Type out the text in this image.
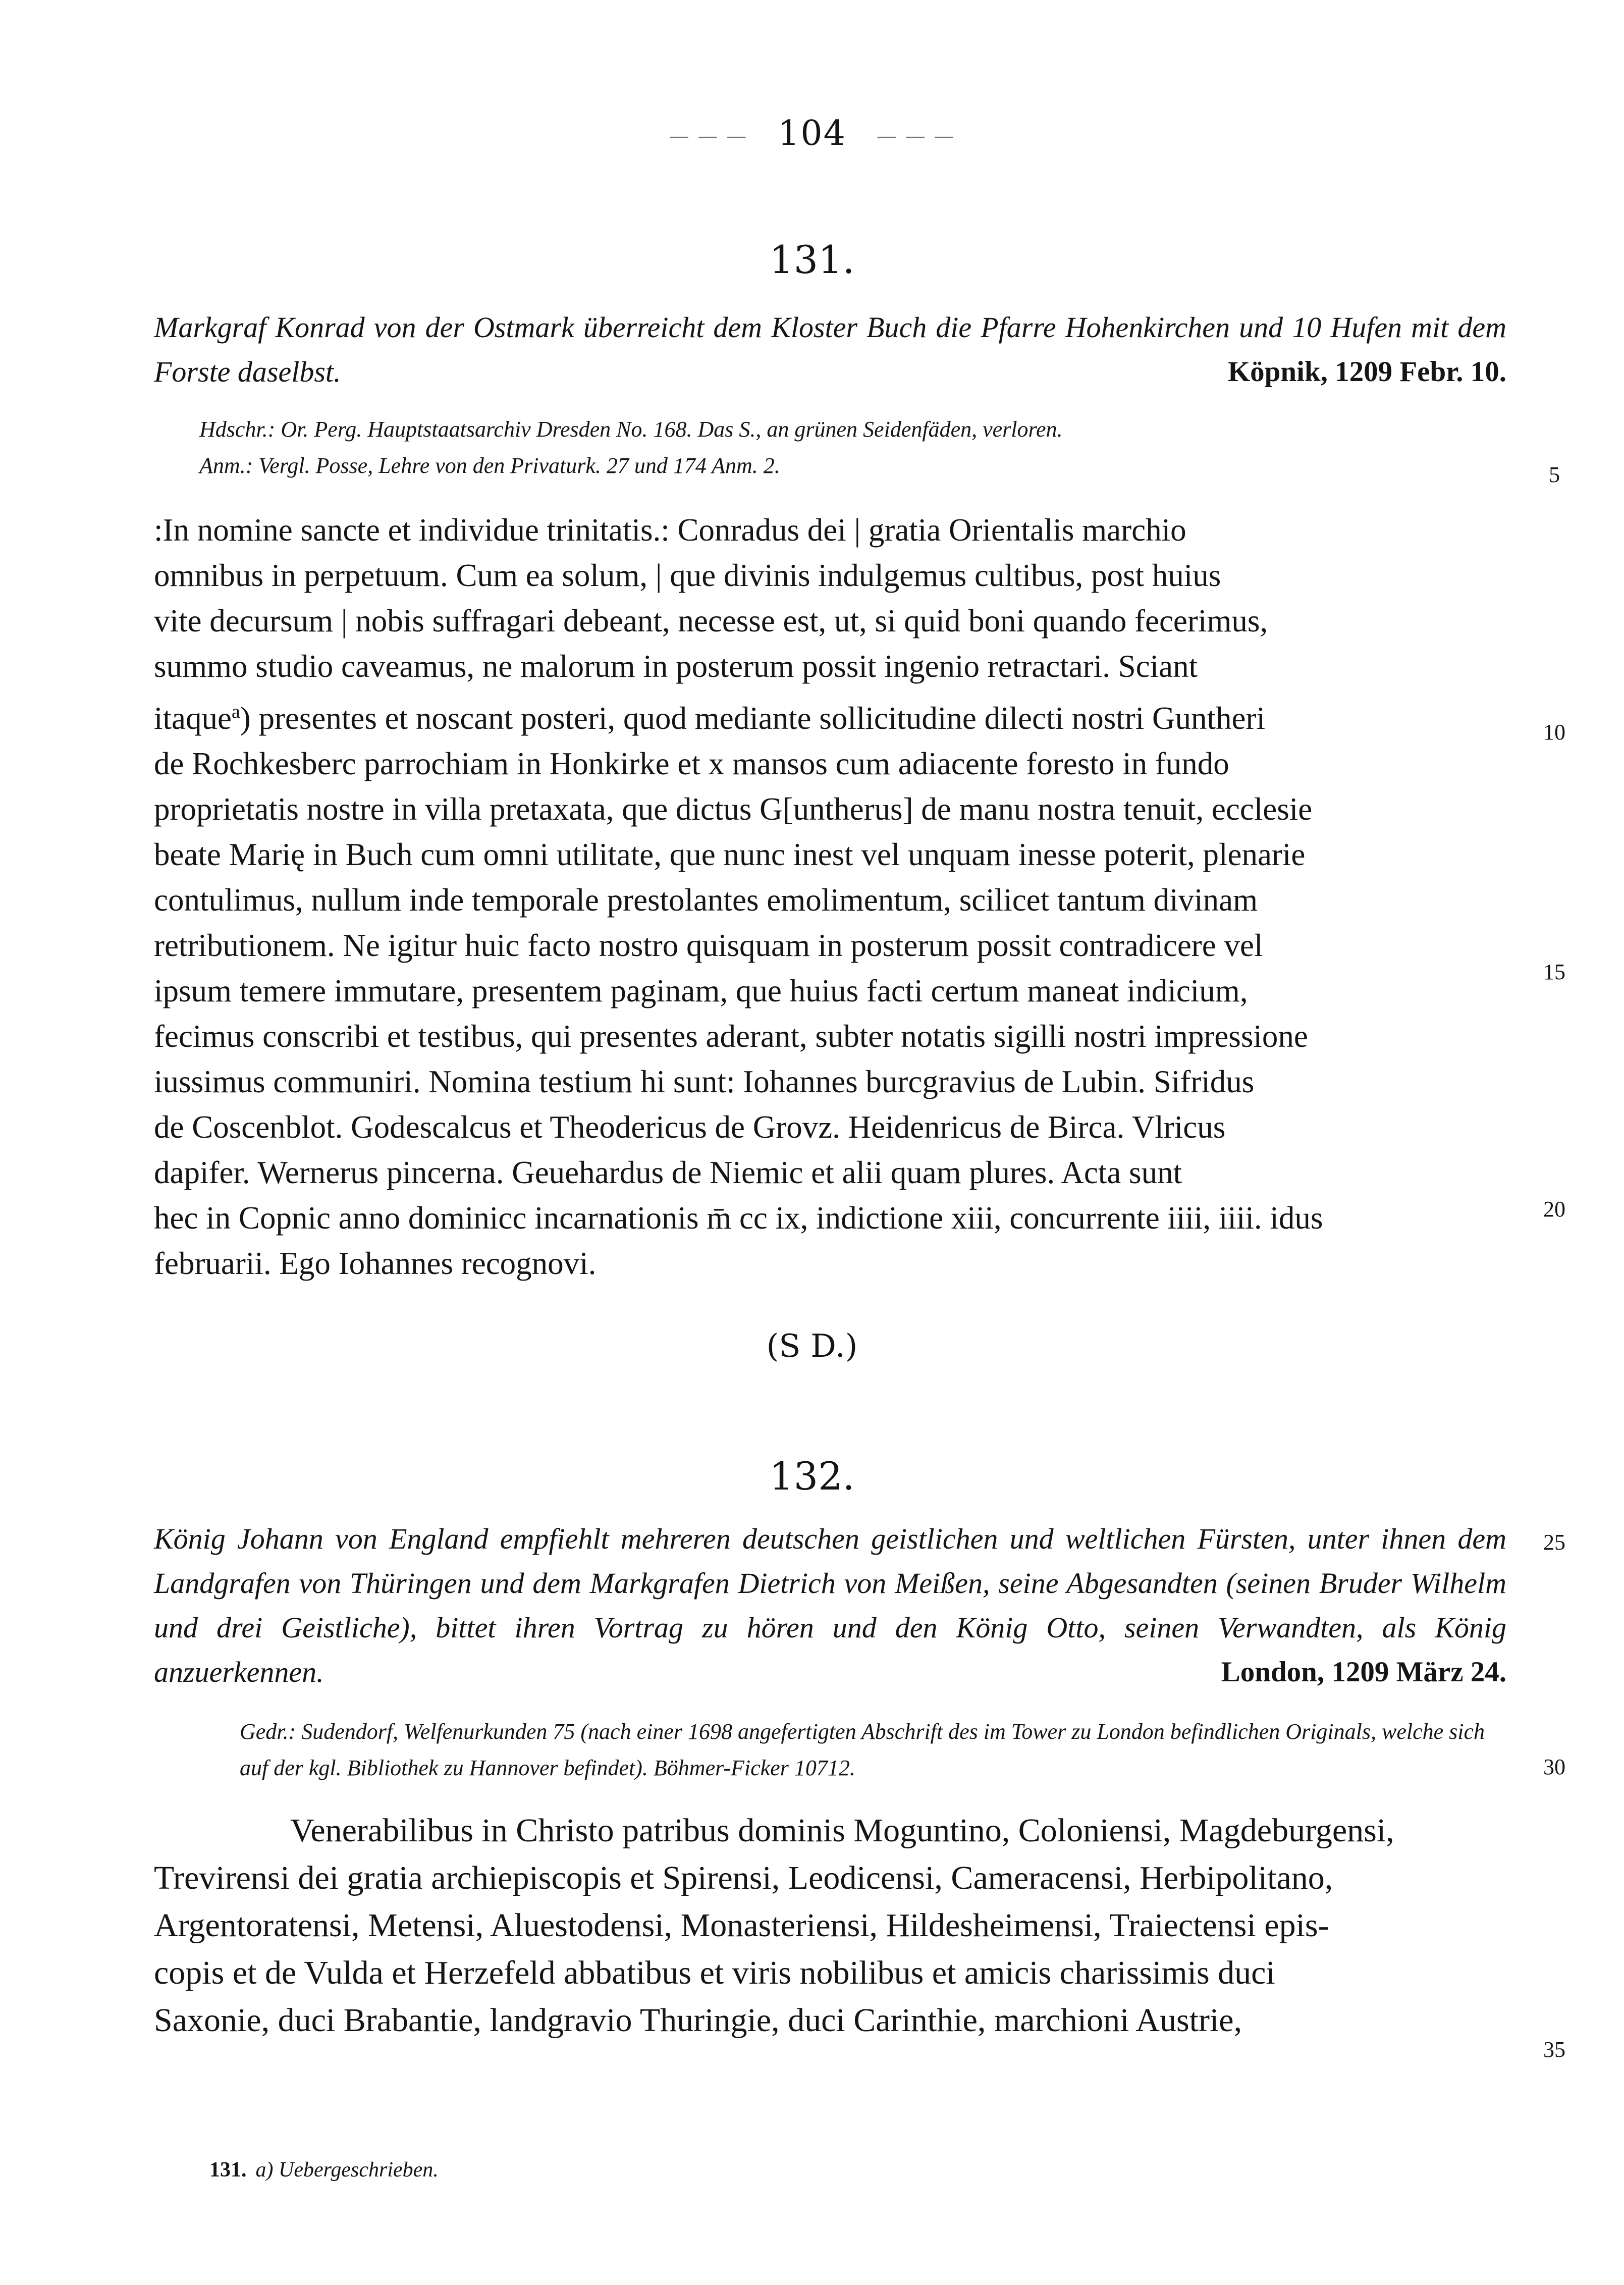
— — — 104 — — —
131.
Markgraf Konrad von der Ostmark überreicht dem Kloster Buch die Pfarre Hohenkirchen und 10 Hufen mit dem Forste daselbst.	Köpnik, 1209 Febr. 10.

Hdschr.: Or. Perg. Hauptstaatsarchiv Dresden No. 168. Das S., an grünen Seidenfäden, verloren.

Anm.: Vergl. Posse, Lehre von den Privaturk. 27 und 174 Anm. 2.

:In nomine sancte et individue trinitatis.: Conradus dei | gratia Orientalis marchio

omnibus in perpetuum. Cum ea solum, | que divinis indulgemus cultibus, post huius

vite decursum | nobis suffragari debeant, necesse est, ut, si quid boni quando fecerimus,

summo studio caveamus, ne malorum in posterum possit ingenio retractari. Sciant

itaque$^a$) presentes et noscant posteri, quod mediante sollicitudine dilecti nostri Guntheri

de Rochkesberc parrochiam in Honkirke et x mansos cum adiacente foresto in fundo

proprietatis nostre in villa pretaxata, que dictus G[untherus] de manu nostra tenuit, ecclesie

beate Marię in Buch cum omni utilitate, que nunc inest vel unquam inesse poterit, plenarie

contulimus, nullum inde temporale prestolantes emolimentum, scilicet tantum divinam

retributionem. Ne igitur huic facto nostro quisquam in posterum possit contradicere vel

ipsum temere immutare, presentem paginam, que huius facti certum maneat indicium,

fecimus conscribi et testibus, qui presentes aderant, subter notatis sigilli nostri impressione

iussimus communiri. Nomina testium hi sunt: Iohannes burcgravius de Lubin. Sifridus

de Coscenblot. Godescalcus et Theodericus de Grovz. Heidenricus de Birca. Vlricus

dapifer. Wernerus pincerna. Geuehardus de Niemic et alii quam plures. Acta sunt

hec in Copnic anno dominicc incarnationis m̄ cc ix, indictione xiii, concurrente iiii, iiii. idus

februarii. Ego Iohannes recognovi.

(S D.)
132.
König Johann von England empfiehlt mehreren deutschen geistlichen und weltlichen Fürsten, unter ihnen dem Landgrafen von Thüringen und dem Markgrafen Dietrich von Meißen, seine Abgesandten (seinen Bruder Wilhelm und drei Geistliche), bittet ihren Vortrag zu hören und den König Otto, seinen Verwandten, als König anzuerkennen.	London, 1209 März 24.

Gedr.: Sudendorf, Welfenurkunden 75 (nach einer 1698 angefertigten Abschrift des im Tower zu London befindlichen Originals, welche sich auf der kgl. Bibliothek zu Hannover befindet). Böhmer-Ficker 10712.

Venerabilibus in Christo patribus dominis Moguntino, Coloniensi, Magdeburgensi,

Trevirensi dei gratia archiepiscopis et Spirensi, Leodicensi, Cameracensi, Herbipolitano,

Argentoratensi, Metensi, Aluestodensi, Monasteriensi, Hildesheimensi, Traiectensi epis-

copis et de Vulda et Herzefeld abbatibus et viris nobilibus et amicis charissimis duci

Saxonie, duci Brabantie, landgravio Thuringie, duci Carinthie, marchioni Austrie,

5
10
15
20
25
30
35
131. a) Uebergeschrieben.
